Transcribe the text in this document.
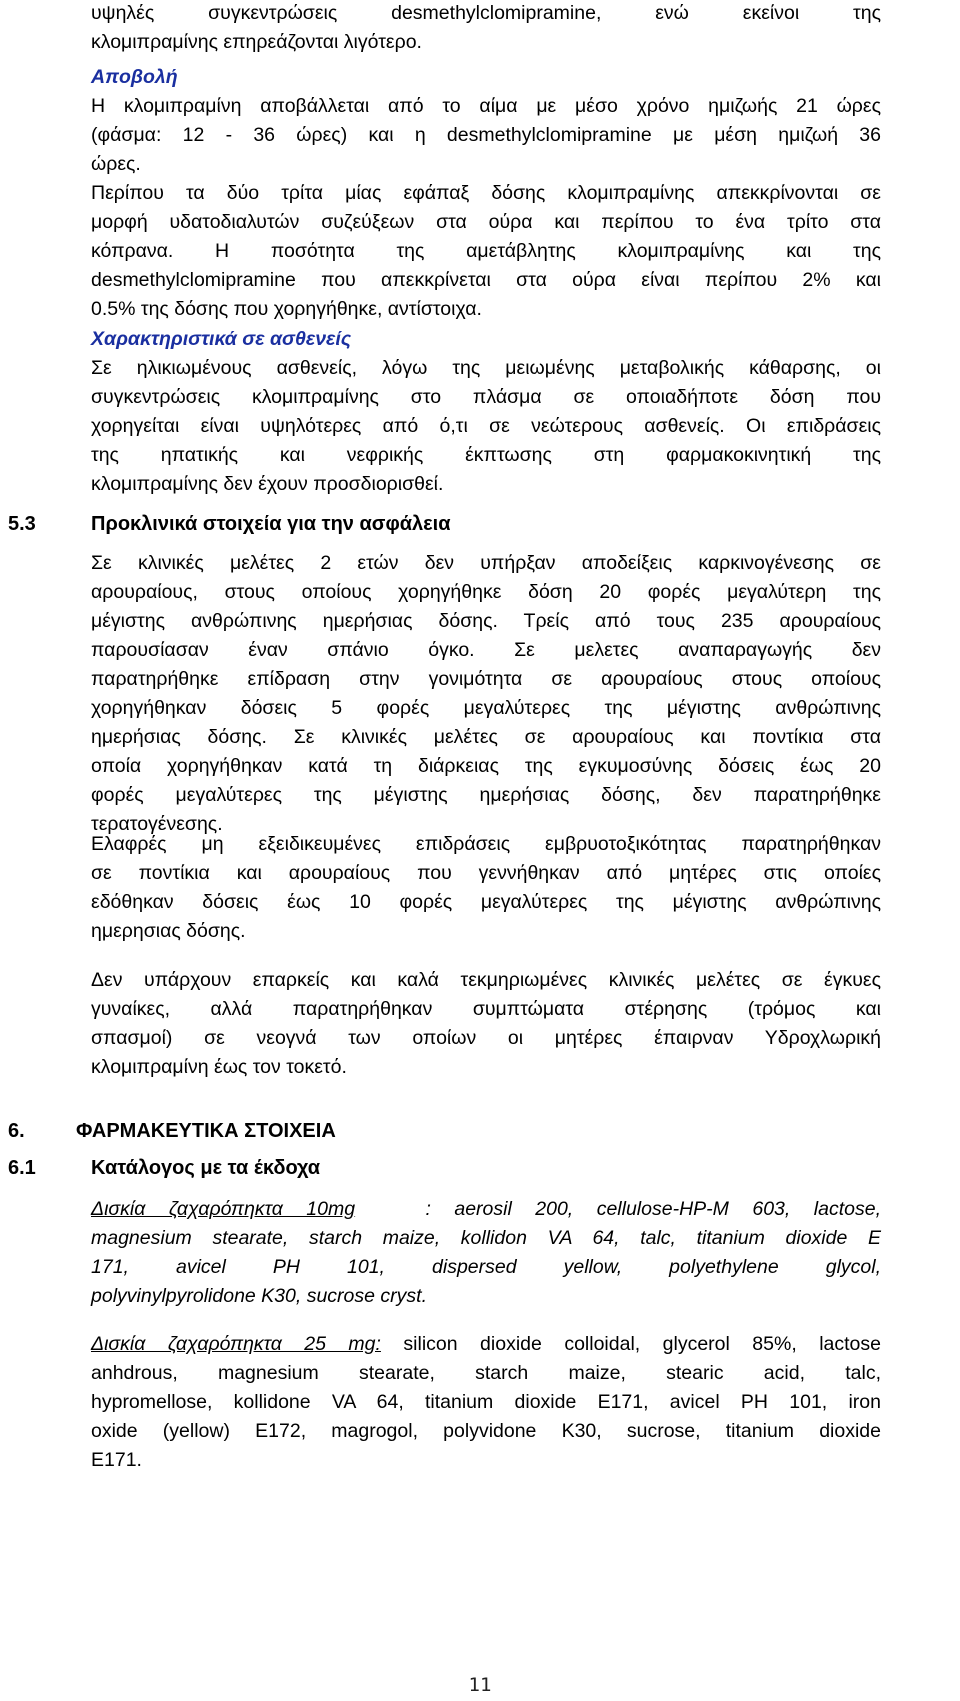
υψηλές συγκεντρώσεις desmethylclomipramine, ενώ εκείνοι της
κλομιπραμίνης επηρεάζονται λιγότερο.
Αποβολή
Η κλομιπραμίνη αποβάλλεται από το αίμα με μέσο χρόνο ημιζωής 21 ώρες
(φάσμα: 12 - 36 ώρες) και η desmethylclomipramine με μέση ημιζωή 36
ώρες.
Περίπου τα δύο τρίτα μίας εφάπαξ δόσης κλομιπραμίνης απεκκρίνονται σε
μορφή υδατοδιαλυτών συζεύξεων στα ούρα και περίπου το ένα τρίτο στα
κόπρανα. Η ποσότητα της αμετάβλητης κλομιπραμίνης και της
desmethylclomipramine που απεκκρίνεται στα ούρα είναι περίπου 2% και
0.5% της δόσης που χορηγήθηκε, αντίστοιχα.
Χαρακτηριστικά σε ασθενείς
Σε ηλικιωμένους ασθενείς, λόγω της μειωμένης μεταβολικής κάθαρσης, οι
συγκεντρώσεις κλομιπραμίνης στο πλάσμα σε οποιαδήποτε δόση που
χορηγείται είναι υψηλότερες από ό,τι σε νεώτερους ασθενείς. Οι επιδράσεις
της ηπατικής και νεφρικής έκπτωσης στη φαρμακοκινητική της
κλομιπραμίνης δεν έχουν προσδιορισθεί.
5.3	Προκλινικά στοιχεία για την ασφάλεια
Σε κλινικές μελέτες 2 ετών δεν υπήρξαν αποδείξεις καρκινογένεσης σε
αρουραίους, στους οποίους χορηγήθηκε δόση 20 φορές μεγαλύτερη της
μέγιστης ανθρώπινης ημερήσιας δόσης. Τρείς από τους 235 αρουραίους
παρουσίασαν έναν σπάνιο όγκο. Σε μελετες αναπαραγωγής δεν
παρατηρήθηκε επίδραση στην γονιμότητα σε αρουραίους στους οποίους
χορηγήθηκαν δόσεις 5 φορές μεγαλύτερες της μέγιστης ανθρώπινης
ημερήσιας δόσης. Σε κλινικές μελέτες σε αρουραίους και ποντίκια στα
οποία χορηγήθηκαν κατά τη διάρκειας της εγκυμοσύνης δόσεις έως 20
φορές μεγαλύτερες της μέγιστης ημερήσιας δόσης, δεν παρατηρήθηκε
τερατογένεσης.
Ελαφρές μη εξειδικευμένες επιδράσεις εμβρυοτοξικότητας παρατηρήθηκαν
σε ποντίκια και αρουραίους που γεννήθηκαν από μητέρες στις οποίες
εδόθηκαν δόσεις έως 10 φορές μεγαλύτερες της μέγιστης ανθρώπινης
ημερησιας δόσης.
Δεν υπάρχουν επαρκείς και καλά τεκμηριωμένες κλινικές μελέτες σε έγκυες
γυναίκες, αλλά παρατηρήθηκαν συμπτώματα στέρησης (τρόμος και
σπασμοί) σε νεογνά των οποίων οι μητέρες έπαιρναν Υδροχλωρική
κλομιπραμίνη έως τον τοκετό.
6.	ΦΑΡΜΑΚΕΥΤΙΚΑ ΣΤΟΙΧΕΙΑ
6.1	Κατάλογος με τα έκδοχα
Δισκία ζαχαρόπηκτα 10mg	: aerosil 200, cellulose-HP-M 603, lactose,
magnesium stearate, starch maize, kollidon VA 64, talc, titanium dioxide E
171, avicel PH 101, dispersed yellow, polyethylene glycol,
polyvinylpyrolidone K30, sucrose cryst.
Δισκία ζαχαρόπηκτα 25 mg: silicon dioxide colloidal, glycerol 85%, lactose
anhdrous, magnesium stearate, starch maize, stearic acid, talc,
hypromellose, kollidone VA 64, titanium dioxide E171, avicel PH 101, iron
oxide (yellow) E172, magrogol, polyvidone K30, sucrose, titanium dioxide
E171.
11
